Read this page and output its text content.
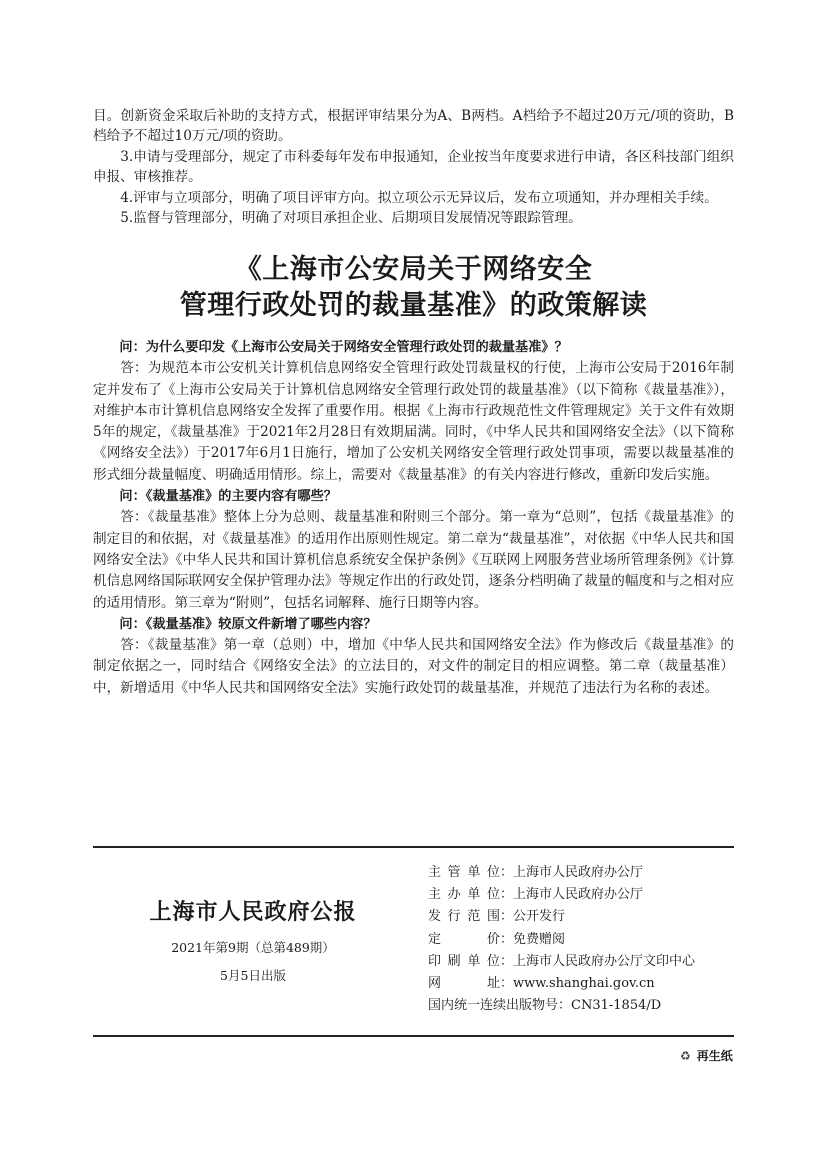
目。创新资金采取后补助的支持方式，根据评审结果分为A、B两档。A档给予不超过20万元/项的资助，B档给予不超过10万元/项的资助。

3.申请与受理部分，规定了市科委每年发布申报通知，企业按当年度要求进行申请，各区科技部门组织申报、审核推荐。

4.评审与立项部分，明确了项目评审方向。拟立项公示无异议后，发布立项通知，并办理相关手续。

5.监督与管理部分，明确了对项目承担企业、后期项目发展情况等跟踪管理。

《上海市公安局关于网络安全
管理行政处罚的裁量基准》的政策解读

问：为什么要印发《上海市公安局关于网络安全管理行政处罚的裁量基准》？

答：为规范本市公安机关计算机信息网络安全管理行政处罚裁量权的行使，上海市公安局于2016年制定并发布了《上海市公安局关于计算机信息网络安全管理行政处罚的裁量基准》（以下简称《裁量基准》），对维护本市计算机信息网络安全发挥了重要作用。根据《上海市行政规范性文件管理规定》关于文件有效期5年的规定，《裁量基准》于2021年2月28日有效期届满。同时，《中华人民共和国网络安全法》（以下简称《网络安全法》）于2017年6月1日施行，增加了公安机关网络安全管理行政处罚事项，需要以裁量基准的形式细分裁量幅度、明确适用情形。综上，需要对《裁量基准》的有关内容进行修改，重新印发后实施。

问：《裁量基准》的主要内容有哪些？

答：《裁量基准》整体上分为总则、裁量基准和附则三个部分。第一章为“总则”，包括《裁量基准》的制定目的和依据，对《裁量基准》的适用作出原则性规定。第二章为“裁量基准”，对依据《中华人民共和国网络安全法》《中华人民共和国计算机信息系统安全保护条例》《互联网上网服务营业场所管理条例》《计算机信息网络国际联网安全保护管理办法》等规定作出的行政处罚，逐条分档明确了裁量的幅度和与之相对应的适用情形。第三章为“附则”，包括名词解释、施行日期等内容。

问：《裁量基准》较原文件新增了哪些内容？

答：《裁量基准》第一章（总则）中，增加《中华人民共和国网络安全法》作为修改后《裁量基准》的制定依据之一，同时结合《网络安全法》的立法目的，对文件的制定目的相应调整。第二章（裁量基准）中，新增适用《中华人民共和国网络安全法》实施行政处罚的裁量基准，并规范了违法行为名称的表述。

上海市人民政府公报
2021年第9期（总第489期）
5月5日出版
主管单位：上海市人民政府办公厅
主办单位：上海市人民政府办公厅
发行范围：公开发行
定价：免费赠阅
印刷单位：上海市人民政府办公厅文印中心
网址：www.shanghai.gov.cn
国内统一连续出版物号：CN31-1854/D
♻ 再生纸
